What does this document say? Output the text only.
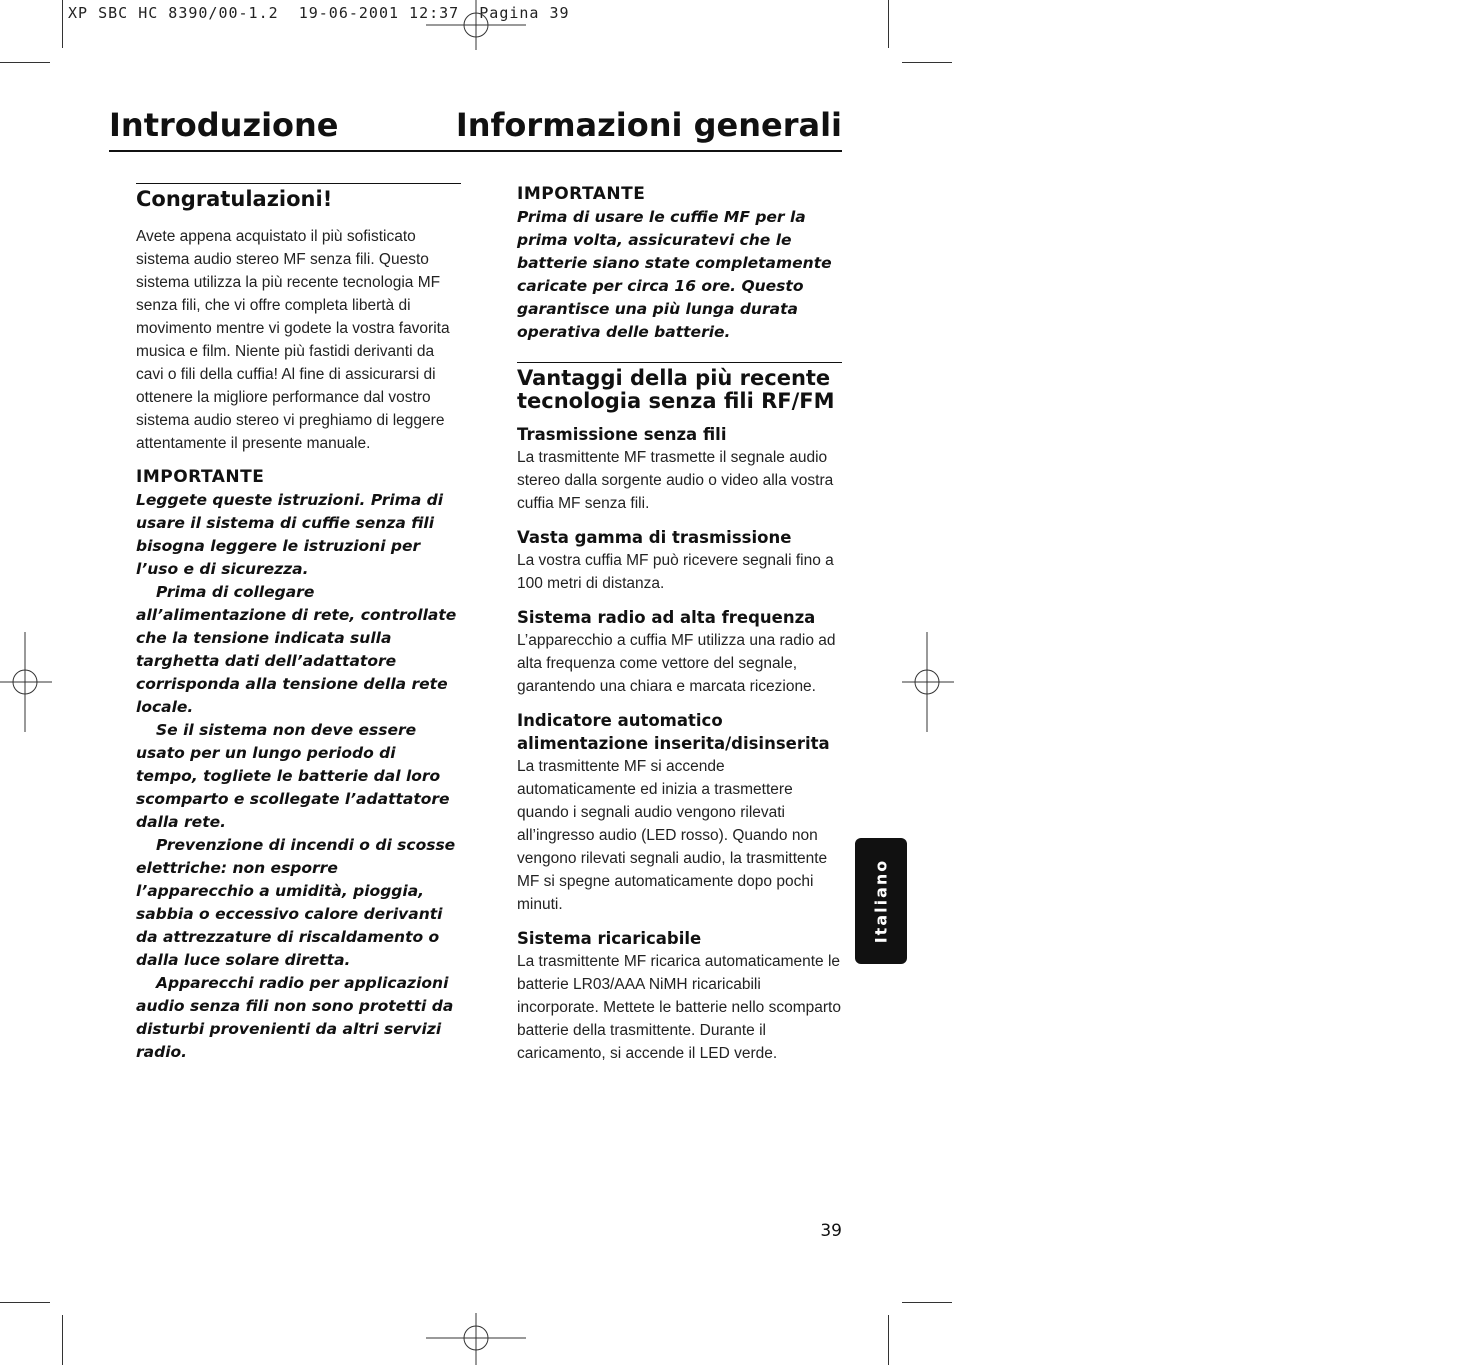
XP SBC HC 8390/00-1.2  19-06-2001 12:37  Pagina 39
Introduzione	Informazioni generali
Congratulazioni!

Avete appena acquistato il più sofisticato sistema audio stereo MF senza fili. Questo sistema utilizza la più recente tecnologia MF senza fili, che vi offre completa libertà di movimento mentre vi godete la vostra favorita musica e film. Niente più fastidi derivanti da cavi o fili della cuffia! Al fine di assicurarsi di ottenere la migliore performance dal vostro sistema audio stereo vi preghiamo di leggere attentamente il presente manuale.

IMPORTANTE

Leggete queste istruzioni. Prima di usare il sistema di cuffie senza fili bisogna leggere le istruzioni per l’uso e di sicurezza.

Prima di collegare all’alimentazione di rete, controllate che la tensione indicata sulla targhetta dati dell’adattatore corrisponda alla tensione della rete locale.

Se il sistema non deve essere usato per un lungo periodo di tempo, togliete le batterie dal loro scomparto e scollegate l’adattatore dalla rete.

Prevenzione di incendi o di scosse elettriche: non esporre l’apparecchio a umidità, pioggia, sabbia o eccessivo calore derivanti da attrezzature di riscaldamento o dalla luce solare diretta.

Apparecchi radio per applicazioni audio senza fili non sono protetti da disturbi provenienti da altri servizi radio.

IMPORTANTE

Prima di usare le cuffie MF per la prima volta, assicuratevi che le batterie siano state completamente caricate per circa 16 ore. Questo garantisce una più lunga durata operativa delle batterie.

Vantaggi della più recente tecnologia senza fili RF/FM

Trasmissione senza fili

La trasmittente MF trasmette il segnale audio stereo dalla sorgente audio o video alla vostra cuffia MF senza fili.

Vasta gamma di trasmissione

La vostra cuffia MF può ricevere segnali fino a 100 metri di distanza.

Sistema radio ad alta frequenza

L’apparecchio a cuffia MF utilizza una radio ad alta frequenza come vettore del segnale, garantendo una chiara e marcata ricezione.

Indicatore automatico alimentazione inserita/disinserita

La trasmittente MF si accende automaticamente ed inizia a trasmettere quando i segnali audio vengono rilevati all’ingresso audio (LED rosso). Quando non vengono rilevati segnali audio, la trasmittente MF si spegne automaticamente dopo pochi minuti.

Sistema ricaricabile

La trasmittente MF ricarica automaticamente le batterie LR03/AAA NiMH ricaricabili incorporate. Mettete le batterie nello scomparto batterie della trasmittente. Durante il caricamento, si accende il LED verde.

Italiano
39
